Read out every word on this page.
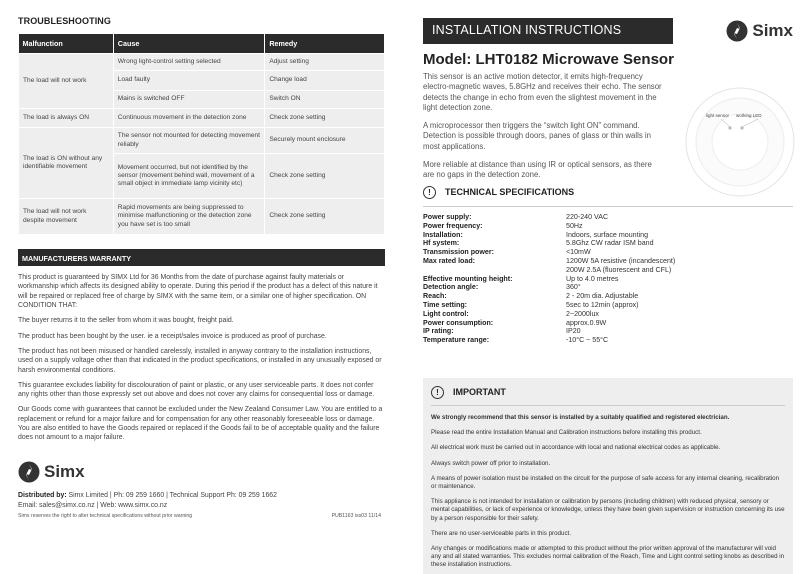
TROUBLESHOOTING
Malfunction	Cause	Remedy
The load will not work	Wrong light-control setting selected	Adjust setting
	Load faulty	Change load
	Mains is switched OFF	Switch ON
The load is always ON	Continuous movement in the detection zone	Check zone setting
The load is ON without any identifiable movement	The sensor not mounted for detecting movement reliably	Securely mount enclosure
	Movement occurred, but not identified by the sensor (movement behind wall, movement of a small object in immediate lamp vicinity etc)	Check zone setting
The load will not work despite movement	Rapid movements are being suppressed to minimise malfunctioning or the detection zone you have set is too small	Check zone setting
MANUFACTURERS WARRANTY

This product is guaranteed by SIMX Ltd for 36 Months from the date of purchase against faulty materials or workmanship which affects its designed ability to operate. During this period if the product has a defect of this nature it will be repaired or replaced free of charge by SIMX with the same item, or a similar one of higher specification. ON CONDITION THAT:

The buyer returns it to the seller from whom it was bought, freight paid.

The product has been bought by the user. ie a receipt/sales invoice is produced as proof of purchase.

The product has not been misused or handled carelessly, installed in anyway contrary to the installation instructions, used on a supply voltage other than that indicated in the product specifications, or installed in any unusually exposed or harsh environmental conditions.

This guarantee excludes liability for discolouration of paint or plastic, or any user serviceable parts. It does not confer any rights other than those expressly set out above and does not cover any claims for consequential loss or damage.

Our Goods come with guarantees that cannot be excluded under the New Zealand Consumer Law. You are entitled to a replacement or refund for a major failure and for compensation for any other reasonably foreseeable loss or damage. You are also entitled to have the Goods repaired or replaced if the Goods fail to be of acceptable quality and the failure does not amount to a major failure.

Simx
Distributed by: Simx Limited | Ph: 09 259 1660 | Technical Support Ph: 09 259 1662
Email: sales@simx.co.nz | Web: www.simx.co.nz
Simx reserves the right to alter technical specifications without prior warning	PUB1163 iss03 11/14
INSTALLATION INSTRUCTIONS	Simx
Model: LHT0182 Microwave Sensor

This sensor is an active motion detector, it emits high-frequency electro-magnetic waves, 5.8GHz and receives their echo. The sensor detects the change in echo from even the slightest movement in the light detection zone.

A microprocessor then triggers the “switch light ON” command. Detection is possible through doors, panes of glass or thin walls in most applications.

More reliable at distance than using IR or optical sensors, as there are no gaps in the detection zone.

light sensor working LED
!	TECHNICAL SPECIFICATIONS
Power supply:	220-240 VAC
Power frequency:	50Hz
Installation:	Indoors, surface mounting
Hf system:	5.8Ghz CW radar ISM band
Transmission power:	<10mW
Max rated load:	1200W 5A resistive (incandescent)
200W 2.5A (fluorescent and CFL)
Effective mounting height:	Up to 4.0 metres
Detection angle:	360°
Reach:	2 - 20m dia. Adjustable
Time setting:	5sec to 12min (approx)
Light control:	2~2000lux
Power consumption:	approx.0.9W
IP rating:	IP20
Temperature range:	-10°C ~ 55°C
!	IMPORTANT

We strongly recommend that this sensor is installed by a suitably qualified and registered electrician.

Please read the entire Installation Manual and Calibration instructions before installing this product.

All electrical work must be carried out in accordance with local and national electrical codes as applicable.

Always switch power off prior to installation.

A means of power isolation must be installed on the circuit for the purpose of safe access for any internal cleaning, recalibration or maintenance.

This appliance is not intended for installation or calibration by persons (including children) with reduced physical, sensory or mental capabilities, or lack of experience or knowledge, unless they have been given supervision or instruction concerning its use by a person responsible for their safety.

There are no user-serviceable parts in this product.

Any changes or modifications made or attempted to this product without the prior written approval of the manufacturer will void any and all stated warranties. This excludes normal calibration of the Reach, Time and Light control setting knobs as described in these installation instructions.
